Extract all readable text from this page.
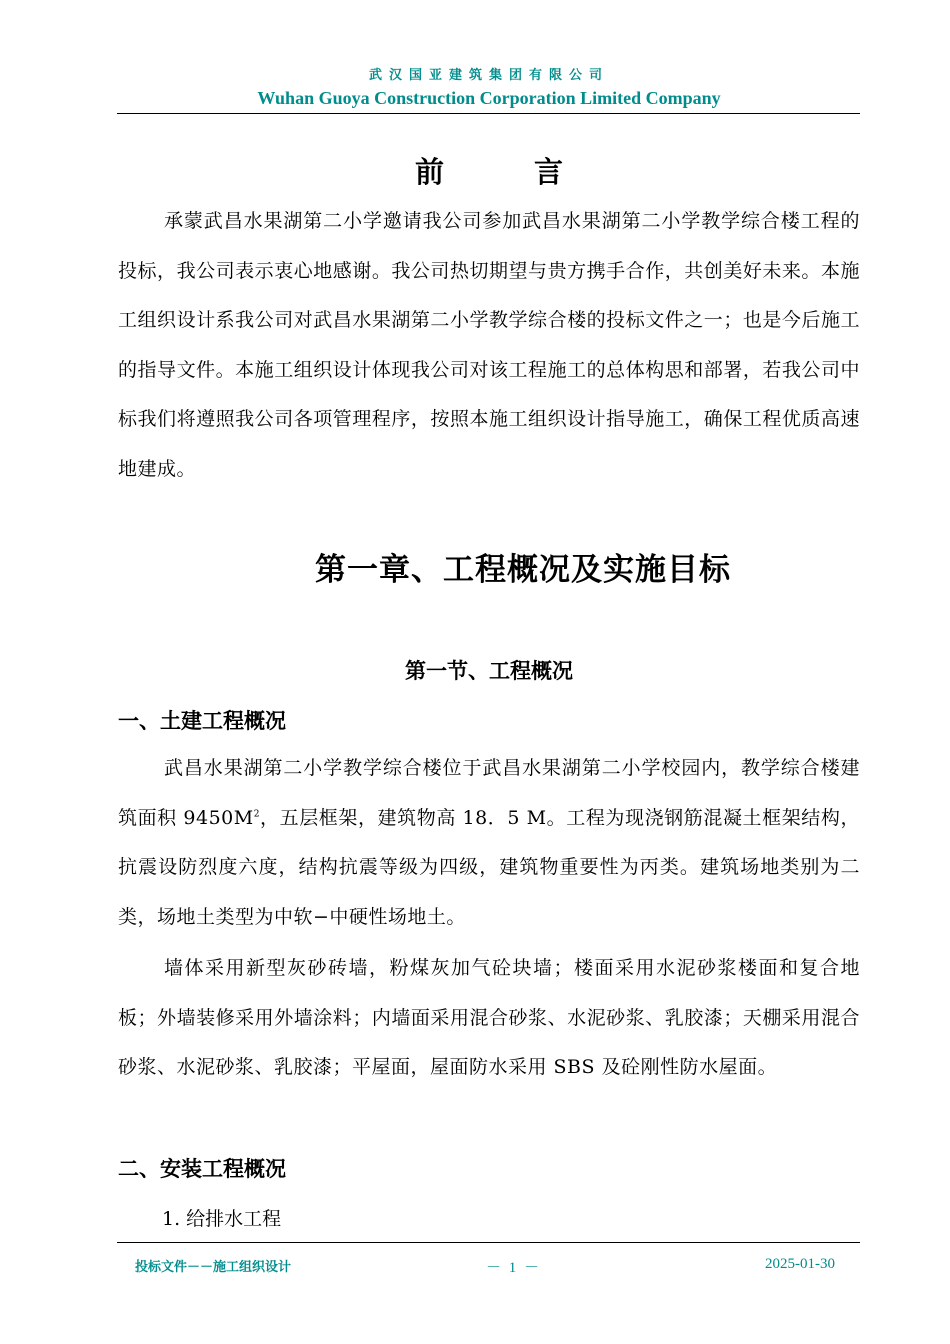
武汉国亚建筑集团有限公司
Wuhan Guoya Construction Corporation Limited Company
前	言

承蒙武昌水果湖第二小学邀请我公司参加武昌水果湖第二小学教学综合楼工程的投标，我公司表示衷心地感谢。我公司热切期望与贵方携手合作，共创美好未来。本施工组织设计系我公司对武昌水果湖第二小学教学综合楼的投标文件之一；也是今后施工的指导文件。本施工组织设计体现我公司对该工程施工的总体构思和部署，若我公司中标我们将遵照我公司各项管理程序，按照本施工组织设计指导施工，确保工程优质高速地建成。

第一章、工程概况及实施目标
第一节、工程概况
一、土建工程概况

武昌水果湖第二小学教学综合楼位于武昌水果湖第二小学校园内，教学综合楼建筑面积 $9450M^2$，五层框架，建筑物高 18．5 M。工程为现浇钢筋混凝土框架结构，抗震设防烈度六度，结构抗震等级为四级，建筑物重要性为丙类。建筑场地类别为二类，场地土类型为中软−中硬性场地土。

墙体采用新型灰砂砖墙，粉煤灰加气砼块墙；楼面采用水泥砂浆楼面和复合地板；外墙装修采用外墙涂料；内墙面采用混合砂浆、水泥砂浆、乳胶漆；天棚采用混合砂浆、水泥砂浆、乳胶漆；平屋面，屋面防水采用 SBS 及砼刚性防水屋面。

二、安装工程概况
1. 给排水工程
投标文件－－施工组织设计	－ 1 －	2025-01-30
